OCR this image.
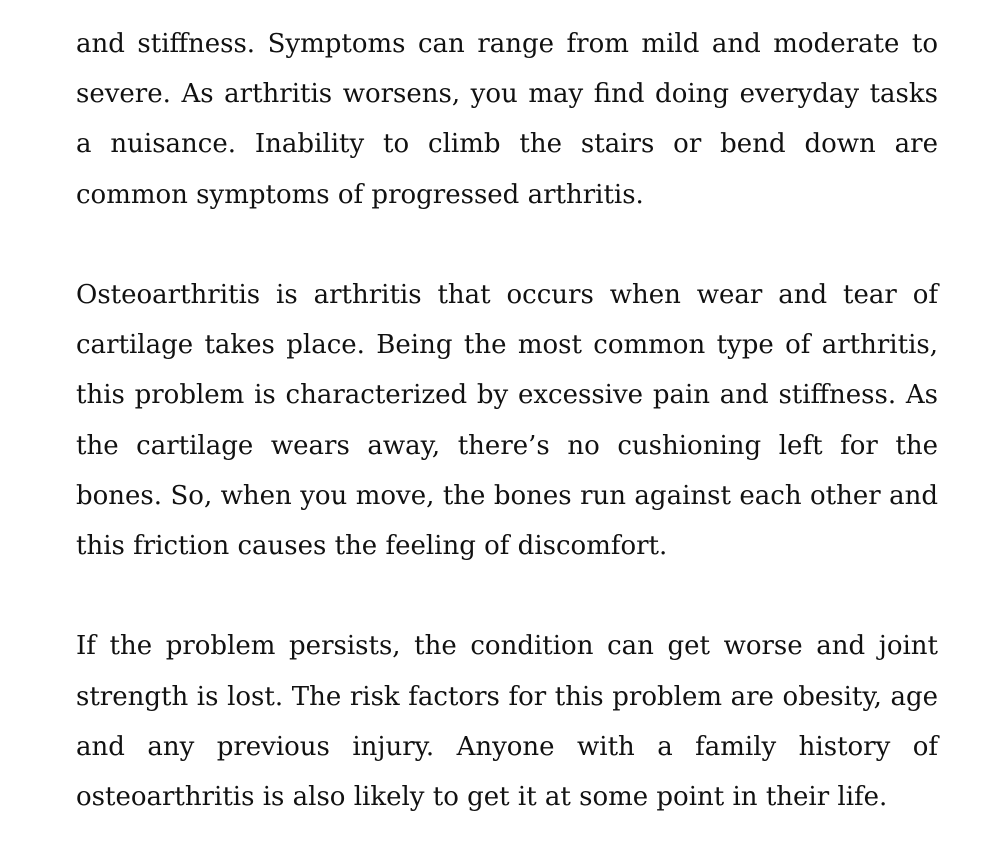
and stiffness. Symptoms can range from mild and moderate to severe. As arthritis worsens, you may find doing everyday tasks a nuisance. Inability to climb the stairs or bend down are common symptoms of progressed arthritis.

Osteoarthritis is arthritis that occurs when wear and tear of cartilage takes place. Being the most common type of arthritis, this problem is characterized by excessive pain and stiffness. As the cartilage wears away, there’s no cushioning left for the bones. So, when you move, the bones run against each other and this friction causes the feeling of discomfort.

If the problem persists, the condition can get worse and joint strength is lost. The risk factors for this problem are obesity, age and any previous injury. Anyone with a family history of osteoarthritis is also likely to get it at some point in their life.
